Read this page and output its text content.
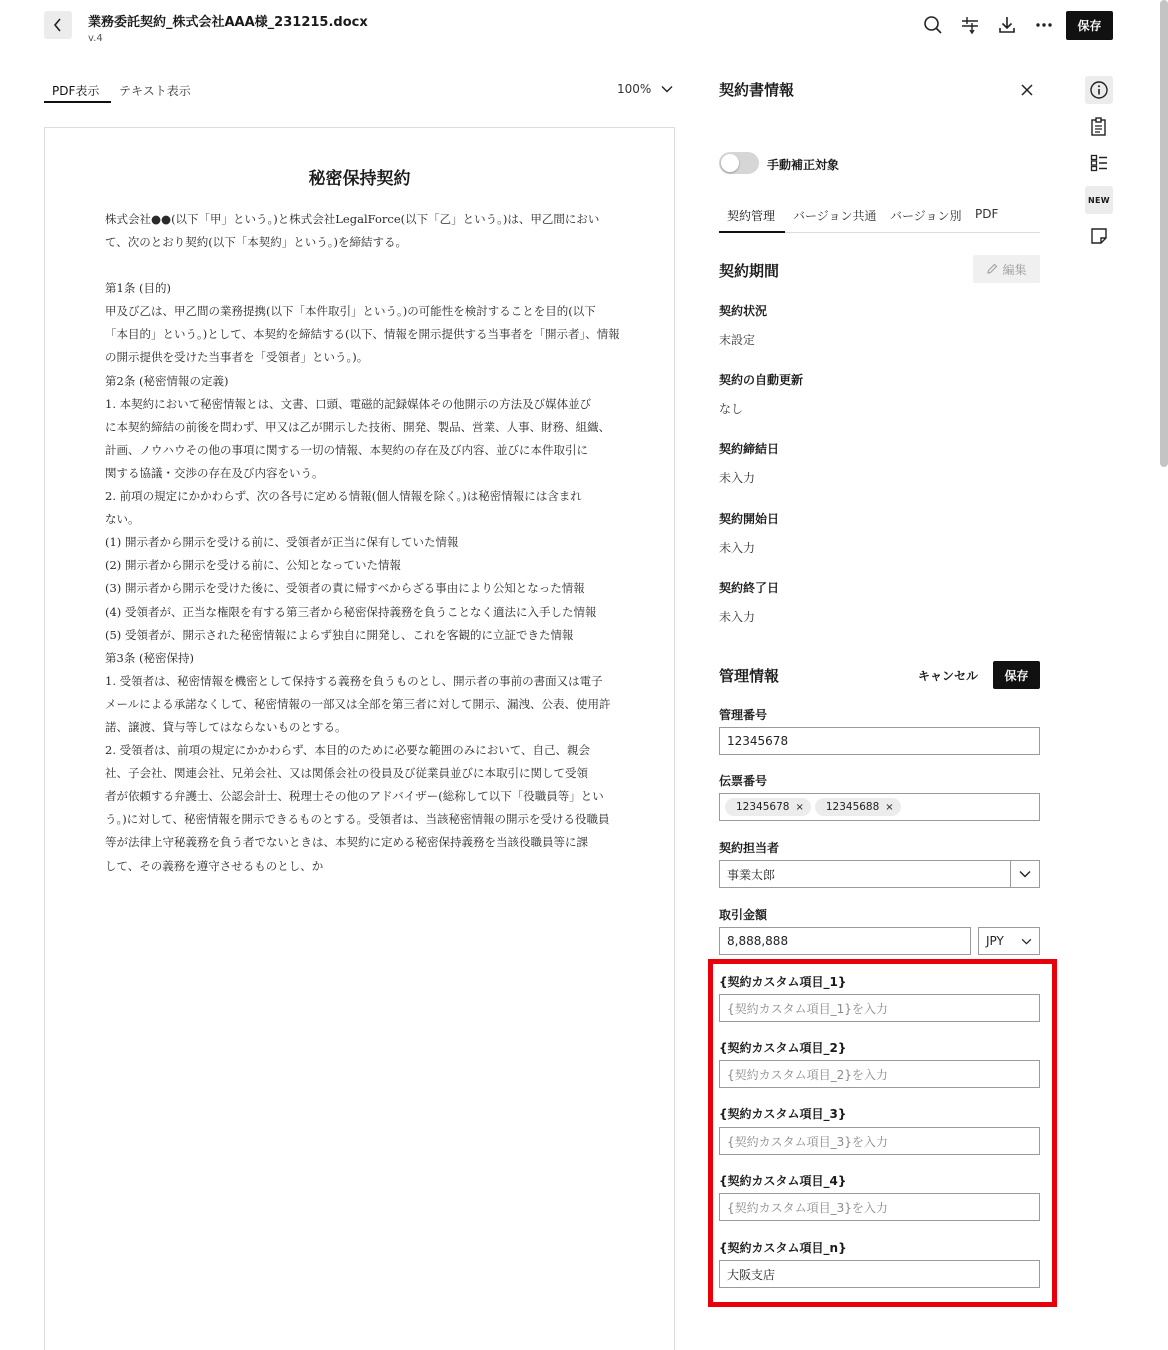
業務委託契約_株式会社AAA様_231215.docx
v.4
保存
PDF表示 テキスト表示	100%
秘密保持契約

株式会社●●(以下「甲」という。)と株式会社LegalForce(以下「乙」という。)は、甲乙間におい

て、次のとおり契約(以下「本契約」という。)を締結する。

第1条 (目的)

甲及び乙は、甲乙間の業務提携(以下「本件取引」という。)の可能性を検討することを目的(以下

「本目的」という。)として、本契約を締結する(以下、情報を開示提供する当事者を「開示者」、情報

の開示提供を受けた当事者を「受領者」という。)。

第2条 (秘密情報の定義)

1. 本契約において秘密情報とは、文書、口頭、電磁的記録媒体その他開示の方法及び媒体並び

に本契約締結の前後を問わず、甲又は乙が開示した技術、開発、製品、営業、人事、財務、組織、

計画、ノウハウその他の事項に関する一切の情報、本契約の存在及び内容、並びに本件取引に

関する協議・交渉の存在及び内容をいう。

2. 前項の規定にかかわらず、次の各号に定める情報(個人情報を除く。)は秘密情報には含まれ

ない。

(1) 開示者から開示を受ける前に、受領者が正当に保有していた情報

(2) 開示者から開示を受ける前に、公知となっていた情報

(3) 開示者から開示を受けた後に、受領者の責に帰すべからざる事由により公知となった情報

(4) 受領者が、正当な権限を有する第三者から秘密保持義務を負うことなく適法に入手した情報

(5) 受領者が、開示された秘密情報によらず独自に開発し、これを客観的に立証できた情報

第3条 (秘密保持)

1. 受領者は、秘密情報を機密として保持する義務を負うものとし、開示者の事前の書面又は電子

メールによる承諾なくして、秘密情報の一部又は全部を第三者に対して開示、漏洩、公表、使用許

諾、譲渡、貸与等してはならないものとする。

2. 受領者は、前項の規定にかかわらず、本目的のために必要な範囲のみにおいて、自己、親会

社、子会社、関連会社、兄弟会社、又は関係会社の役員及び従業員並びに本取引に関して受領

者が依頼する弁護士、公認会計士、税理士その他のアドバイザー(総称して以下「役職員等」とい

う。)に対して、秘密情報を開示できるものとする。受領者は、当該秘密情報の開示を受ける役職員

等が法律上守秘義務を負う者でないときは、本契約に定める秘密保持義務を当該役職員等に課

して、その義務を遵守させるものとし、か

契約書情報
手動補正対象
契約管理 バージョン共通 バージョン別 PDF
契約期間	編集
契約状況
末設定
契約の自動更新
なし
契約締結日
未入力
契約開始日
未入力
契約終了日
未入力
管理情報	キャンセル	保存
管理番号
12345678
伝票番号
12345678 × 12345688 ×
契約担当者
事業太郎
取引金額
8,888,888	JPY
{契約カスタム項目_1}
{契約カスタム項目_1}を入力
{契約カスタム項目_2}
{契約カスタム項目_2}を入力
{契約カスタム項目_3}
{契約カスタム項目_3}を入力
{契約カスタム項目_4}
{契約カスタム項目_3}を入力
{契約カスタム項目_n}
大阪支店
NEW
